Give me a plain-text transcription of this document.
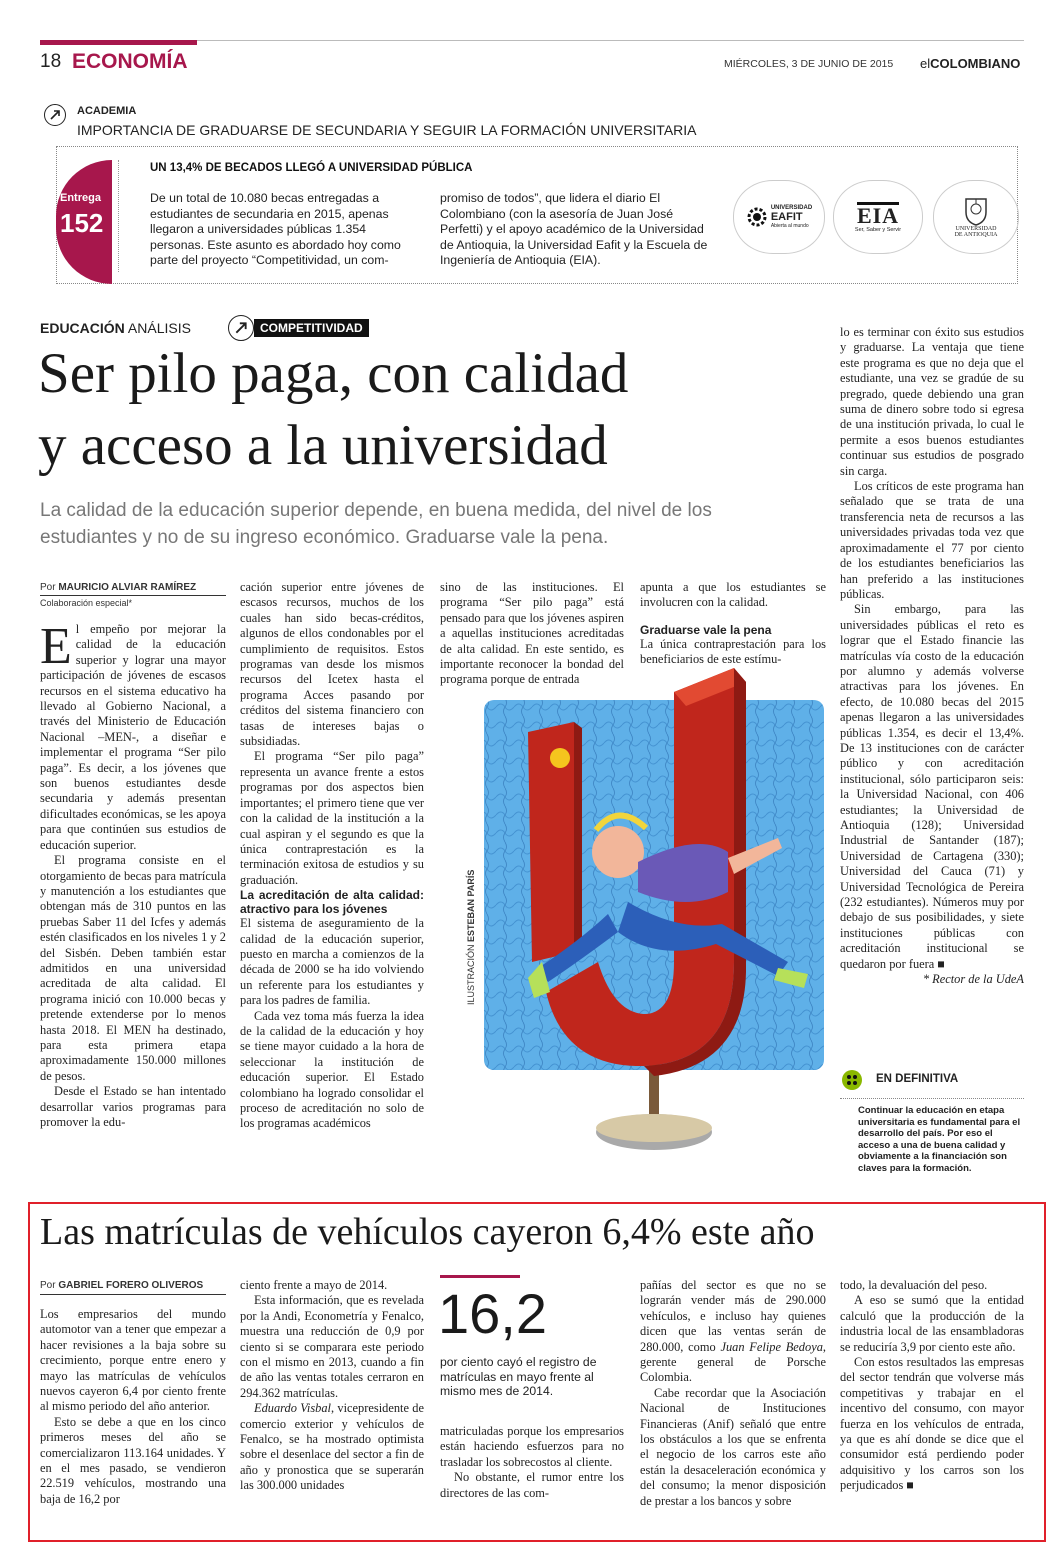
18 ECONOMÍA	MIÉRCOLES, 3 DE JUNIO DE 2015 elCOLOMBIANO
ACADEMIA
IMPORTANCIA DE GRADUARSE DE SECUNDARIA Y SEGUIR LA FORMACIÓN UNIVERSITARIA
Entrega
152
UN 13,4% DE BECADOS LLEGÓ A UNIVERSIDAD PÚBLICA
De un total de 10.080 becas entregadas a estudiantes de secundaria en 2015, apenas llegaron a universidades públicas 1.354 personas. Este asunto es abordado hoy como parte del proyecto “Competitividad, un com-
promiso de todos”, que lidera el diario El Colombiano (con la asesoría de Juan José Perfetti) y el apoyo académico de la Universidad de Antioquia, la Universidad Eafit y la Escuela de Ingeniería de Antioquia (EIA).
UNIVERSIDAD
EAFIT
Abierta al mundo EIA
Ser, Saber y Servir	UNIVERSIDAD
DE ANTIOQUIA
EDUCACIÓN ANÁLISIS	COMPETITIVIDAD
Ser pilo paga, con calidad
y acceso a la universidad
La calidad de la educación superior depende, en buena medida, del nivel de los estudiantes y no de su ingreso económico. Graduarse vale la pena.
Por MAURICIO ALVIAR RAMÍREZ
Colaboración especial*

El empeño por mejorar la calidad de la educación superior y lograr una mayor participación de jóvenes de escasos recursos en el sistema educativo ha llevado al Gobierno Nacional, a través del Ministerio de Educación Nacional –MEN-, a diseñar e implementar el programa “Ser pilo paga”. Es decir, a los jóvenes que son buenos estudiantes desde secundaria y además presentan dificultades económicas, se les apoya para que continúen sus estudios de educación superior.

El programa consiste en el otorgamiento de becas para matrícula y manutención a los estudiantes que obtengan más de 310 puntos en las pruebas Saber 11 del Icfes y además estén clasificados en los niveles 1 y 2 del Sisbén. Deben también estar admitidos en una universidad acreditada de alta calidad. El programa inició con 10.000 becas y pretende extenderse por lo menos hasta 2018. El MEN ha destinado, para esta primera etapa aproximadamente 150.000 millones de pesos.

Desde el Estado se han intentado desarrollar varios programas para promover la edu-

cación superior entre jóvenes de escasos recursos, muchos de los cuales han sido becas-créditos, algunos de ellos condonables por el cumplimiento de requisitos. Estos programas van desde los mismos recursos del Icetex hasta el programa Acces pasando por créditos del sistema financiero con tasas de intereses bajas o subsidiadas.

El programa “Ser pilo paga” representa un avance frente a estos programas por dos aspectos bien importantes; el primero tiene que ver con la calidad de la institución a la cual aspiran y el segundo es que la única contraprestación es la terminación exitosa de estudios y su graduación.

La acreditación de alta calidad: atractivo para los jóvenes

El sistema de aseguramiento de la calidad de la educación superior, puesto en marcha a comienzos de la década de 2000 se ha ido volviendo un referente para los estudiantes y para los padres de familia.

Cada vez toma más fuerza la idea de la calidad de la educación y hoy se tiene mayor cuidado a la hora de seleccionar la institución de educación superior. El Estado colombiano ha logrado consolidar el proceso de acreditación no solo de los programas académicos

sino de las instituciones. El programa “Ser pilo paga” está pensado para que los jóvenes aspiren a aquellas instituciones acreditadas de alta calidad. En este sentido, es importante reconocer la bondad del programa porque de entrada

apunta a que los estudiantes se involucren con la calidad.

Graduarse vale la pena

La única contraprestación para los beneficiarios de este estímu-

ILUSTRACIÓN ESTEBAN PARÍS

lo es terminar con éxito sus estudios y graduarse. La ventaja que tiene este programa es que no deja que el estudiante, una vez se gradúe de su pregrado, quede debiendo una gran suma de dinero sobre todo si egresa de una institución privada, lo cual le permite a esos buenos estudiantes continuar sus estudios de posgrado sin carga.

Los críticos de este programa han señalado que se trata de una transferencia neta de recursos a las universidades privadas toda vez que aproximadamente el 77 por ciento de los estudiantes beneficiarios las han preferido a las instituciones públicas.

Sin embargo, para las universidades públicas el reto es lograr que el Estado financie las matrículas vía costo de la educación por alumno y además volverse atractivas para los jóvenes. En efecto, de 10.080 becas del 2015 apenas llegaron a las universidades públicas 1.354, es decir el 13,4%. De 13 instituciones con de carácter público y con acreditación institucional, sólo participaron seis: la Universidad Nacional, con 406 estudiantes; la Universidad de Antioquia (128); Universidad Industrial de Santander (187); Universidad de Cartagena (330); Universidad del Cauca (71) y Universidad Tecnológica de Pereira (232 estudiantes). Números muy por debajo de sus posibilidades, y siete instituciones públicas con acreditación institucional se quedaron por fuera ■

* Rector de la UdeA

EN DEFINITIVA
Continuar la educación en etapa universitaria es fundamental para el desarrollo del país. Por eso el acceso a una de buena calidad y obviamente a la financiación son claves para la formación.
Las matrículas de vehículos cayeron 6,4% este año
Por GABRIEL FORERO OLIVEROS

Los empresarios del mundo automotor van a tener que empezar a hacer revisiones a la baja sobre su crecimiento, porque entre enero y mayo las matrículas de vehículos nuevos cayeron 6,4 por ciento frente al mismo periodo del año anterior.

Esto se debe a que en los cinco primeros meses del año se comercializaron 113.164 unidades. Y en el mes pasado, se vendieron 22.519 vehículos, mostrando una baja de 16,2 por

ciento frente a mayo de 2014.

Esta información, que es revelada por la Andi, Econometría y Fenalco, muestra una reducción de 0,9 por ciento si se comparara este periodo con el mismo en 2013, cuando a fin de año las ventas totales cerraron en 294.362 matrículas.

Eduardo Visbal, vicepresidente de comercio exterior y vehículos de Fenalco, se ha mostrado optimista sobre el desenlace del sector a fin de año y pronostica que se superarán las 300.000 unidades

16,2
por ciento cayó el registro de matrículas en mayo frente al mismo mes de 2014.

matriculadas porque los empresarios están haciendo esfuerzos para no trasladar los sobrecostos al cliente.

No obstante, el rumor entre los directores de las com-

pañías del sector es que no se lograrán vender más de 290.000 vehículos, e incluso hay quienes dicen que las ventas serán de 280.000, como Juan Felipe Bedoya, gerente general de Porsche Colombia.

Cabe recordar que la Asociación Nacional de Instituciones Financieras (Anif) señaló que entre los obstáculos a los que se enfrenta el negocio de los carros este año están la desaceleración económica y del consumo; la menor disposición de prestar a los bancos y sobre

todo, la devaluación del peso.

A eso se sumó que la entidad calculó que la producción de la industria local de las ensambladoras se reduciría 3,9 por ciento este año.

Con estos resultados las empresas del sector tendrán que volverse más competitivas y trabajar en el incentivo del consumo, con mayor fuerza en los vehículos de entrada, ya que es ahí donde se dice que el consumidor está perdiendo poder adquisitivo y los carros son los perjudicados ■
